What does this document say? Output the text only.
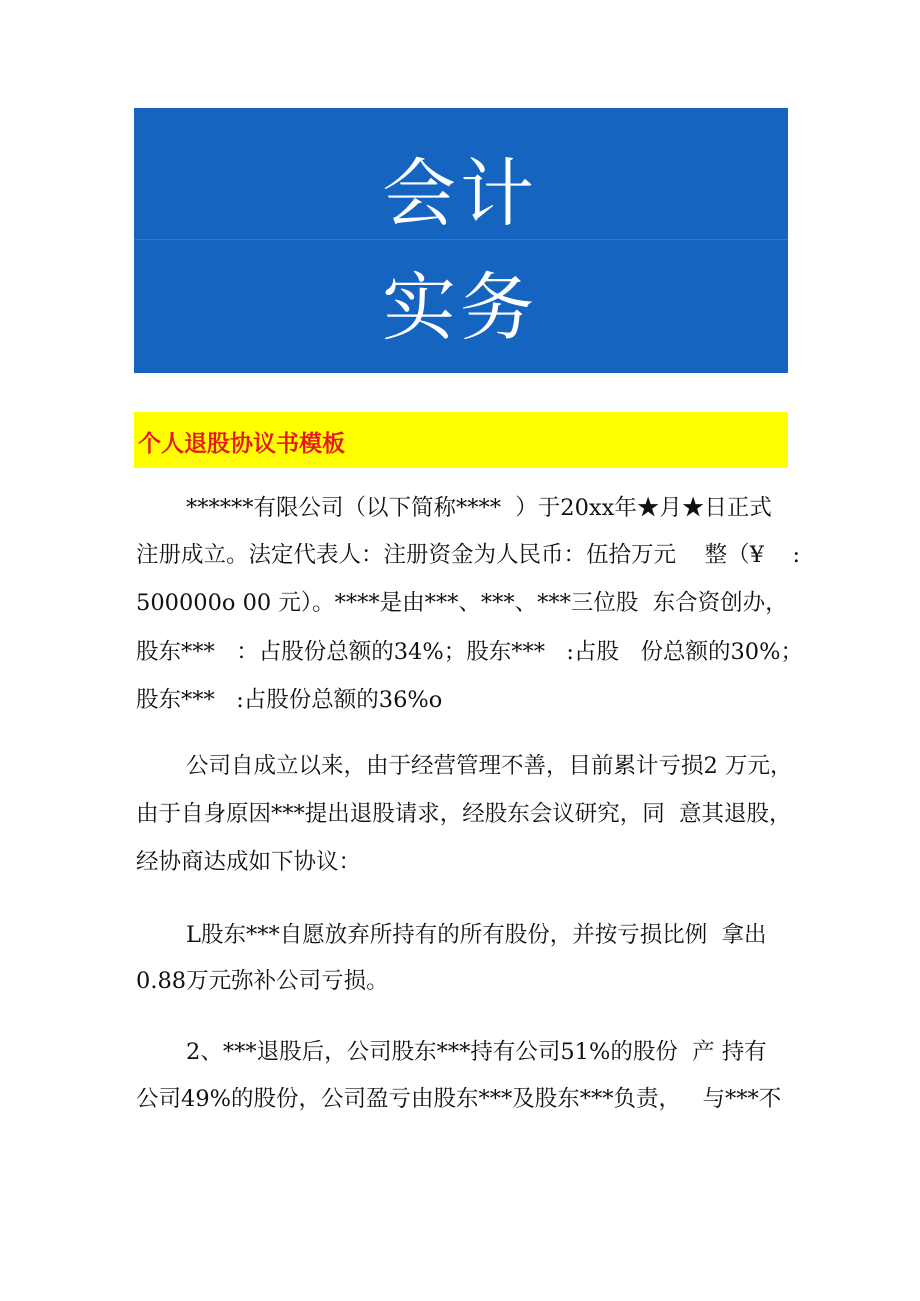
会计
实务
个人退股协议书模板
******有限公司（以下简称****  ）于20xx年★月★日正式
注册成立。法定代表人：注册资金为人民币：伍拾万元    整（¥    :
500000o 00 元）。****是由***、***、***三位股  东合资创办，
股东***   ：占股份总额的34%；股东***   :占股   份总额的30%；
股东***   :占股份总额的36%o
公司自成立以来，由于经营管理不善，目前累计亏损2 万元，
由于自身原因***提出退股请求，经股东会议研究，同  意其退股，
经协商达成如下协议：
L股东***自愿放弃所持有的所有股份，并按亏损比例  拿出
0.88万元弥补公司亏损。
2、***退股后，公司股东***持有公司51%的股份  产 持有
公司49%的股份，公司盈亏由股东***及股东***负责，   与***不
